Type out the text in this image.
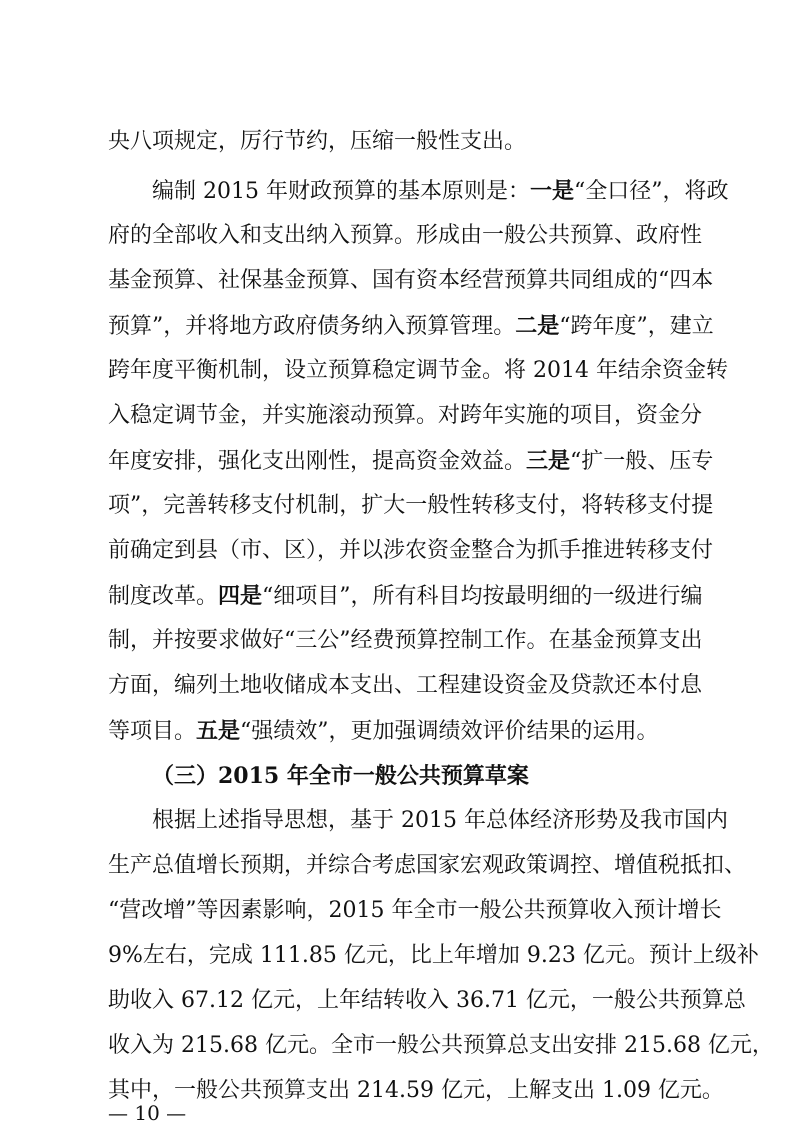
央八项规定，厉行节约，压缩一般性支出。
编制 2015 年财政预算的基本原则是：一是“全口径”，将政
府的全部收入和支出纳入预算。形成由一般公共预算、政府性
基金预算、社保基金预算、国有资本经营预算共同组成的“四本
预算”，并将地方政府债务纳入预算管理。二是“跨年度”，建立
跨年度平衡机制，设立预算稳定调节金。将 2014 年结余资金转
入稳定调节金，并实施滚动预算。对跨年实施的项目，资金分
年度安排，强化支出刚性，提高资金效益。三是“扩一般、压专
项”，完善转移支付机制，扩大一般性转移支付，将转移支付提
前确定到县（市、区），并以涉农资金整合为抓手推进转移支付
制度改革。四是“细项目”，所有科目均按最明细的一级进行编
制，并按要求做好“三公”经费预算控制工作。在基金预算支出
方面，编列土地收储成本支出、工程建设资金及贷款还本付息
等项目。五是“强绩效”，更加强调绩效评价结果的运用。
（三）2015 年全市一般公共预算草案
根据上述指导思想，基于 2015 年总体经济形势及我市国内
生产总值增长预期，并综合考虑国家宏观政策调控、增值税抵扣、
“营改增”等因素影响，2015 年全市一般公共预算收入预计增长
9%左右，完成 111.85 亿元，比上年增加 9.23 亿元。预计上级补
助收入 67.12 亿元，上年结转收入 36.71 亿元，一般公共预算总
收入为 215.68 亿元。全市一般公共预算总支出安排 215.68 亿元，
其中，一般公共预算支出 214.59 亿元，上解支出 1.09 亿元。
— 10 —
